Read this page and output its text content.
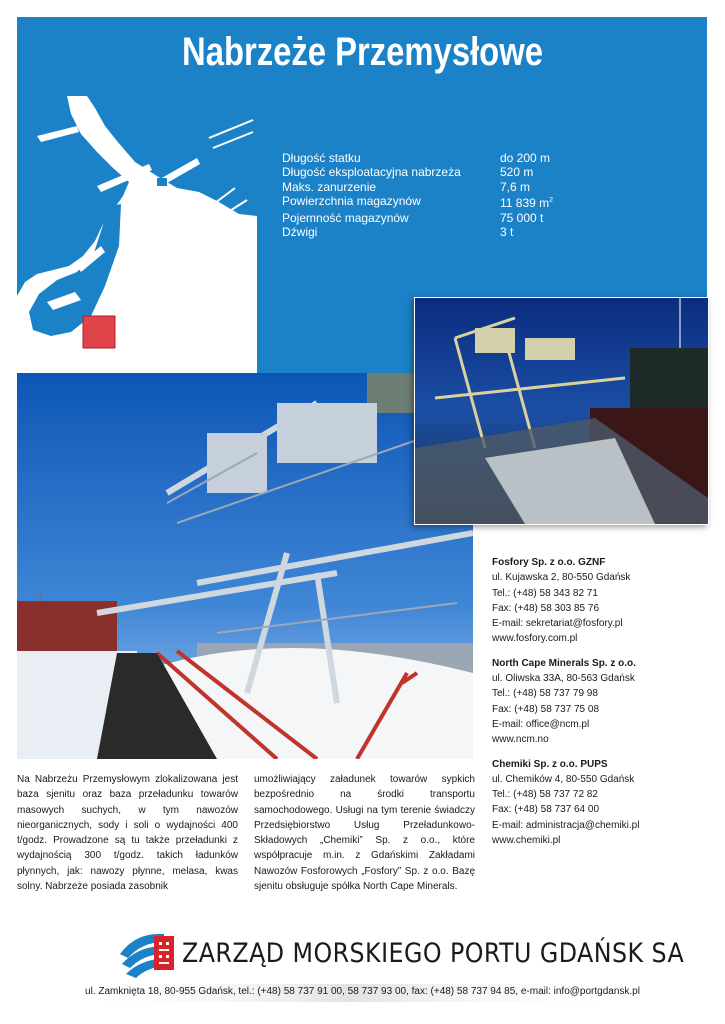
Nabrzeże Przemysłowe
Długość statku	do 200 m
Długość eksploatacyjna nabrzeża	520 m
Maks. zanurzenie	7,6 m
Powierzchnia magazynów	11 839 $m^2$
Pojemność magazynów	75 000 t
Dźwigi	3 t
Fosfory Sp. z o.o. GZNF
ul. Kujawska 2, 80-550 Gdańsk
Tel.: (+48) 58 343 82 71
Fax: (+48) 58 303 85 76
E-mail: sekretariat@fosfory.pl
www.fosfory.com.pl
North Cape Minerals Sp. z o.o.
ul. Oliwska 33A, 80-563 Gdańsk
Tel.: (+48) 58 737 79 98
Fax: (+48) 58 737 75 08
E-mail: office@ncm.pl
www.ncm.no
Chemiki Sp. z o.o. PUPS
ul. Chemików 4, 80-550 Gdańsk
Tel.: (+48) 58 737 72 82
Fax: (+48) 58 737 64 00
E-mail: administracja@chemiki.pl
www.chemiki.pl
Na Nabrzeżu Przemysłowym zlokalizowana jest baza sjenitu oraz baza przeładunku towarów masowych suchych, w tym nawozów nieorganicznych, sody i soli o wydajności 400 t/godz. Prowadzone są tu także przeładunki z wydajnością 300 t/godz. takich ładunków płynnych, jak: nawozy płynne, melasa, kwas solny. Nabrzeże posiada zasobnik
umożliwiający załadunek towarów sypkich bezpośrednio na środki transportu samochodowego. Usługi na tym terenie świadczy Przedsiębiorstwo Usług Przeładunkowo-Składowych „Chemiki” Sp. z o.o., które współpracuje m.in. z Gdańskimi Zakładami Nawozów Fosforowych „Fosfory” Sp. z o.o. Bazę sjenitu obsługuje spółka North Cape Minerals.
ZARZĄD MORSKIEGO PORTU GDAŃSK SA
ul. Zamknięta 18, 80-955 Gdańsk, tel.: (+48) 58 737 91 00, 58 737 93 00, fax: (+48) 58 737 94 85, e-mail: info@portgdansk.pl
